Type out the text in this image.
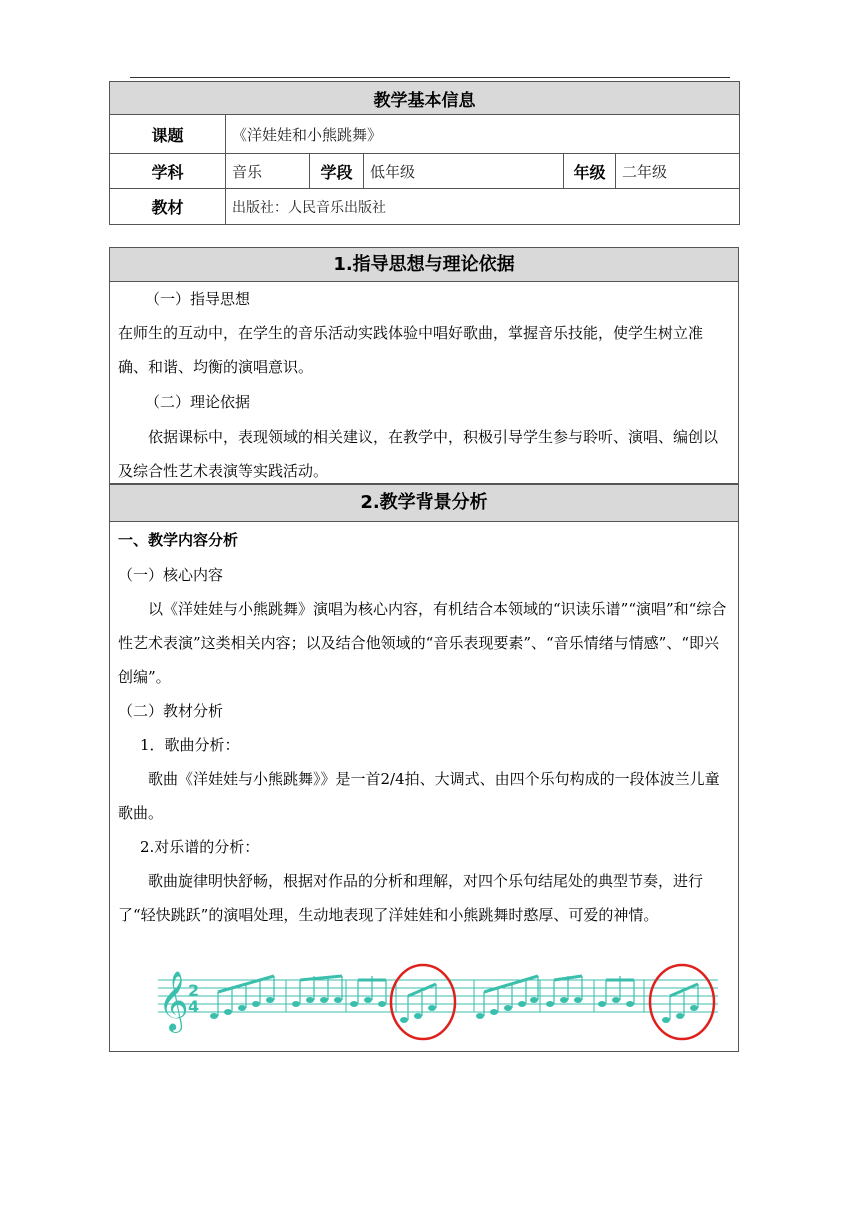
教学基本信息					
课题	《洋娃娃和小熊跳舞》				
学科	音乐	学段	低年级	年级	二年级
教材	出版社：人民音乐出版社				
1.指导思想与理论依据
（一）指导思想
在师生的互动中，在学生的音乐活动实践体验中唱好歌曲，掌握音乐技能，使学生树立准确、和谐、均衡的演唱意识。
（二）理论依据
依据课标中，表现领域的相关建议，在教学中，积极引导学生参与聆听、演唱、编创以及综合性艺术表演等实践活动。
2.教学背景分析
一、教学内容分析
（一）核心内容
以《洋娃娃与小熊跳舞》演唱为核心内容，有机结合本领域的“识读乐谱”“演唱”和“综合性艺术表演”这类相关内容；以及结合他领域的“音乐表现要素”、“音乐情绪与情感”、“即兴创编”。
（二）教材分析
1．歌曲分析：
歌曲《洋娃娃与小熊跳舞》》是一首2/4拍、大调式、由四个乐句构成的一段体波兰儿童歌曲。
2.对乐谱的分析：
歌曲旋律明快舒畅，根据对作品的分析和理解，对四个乐句结尾处的典型节奏，进行了“轻快跳跃”的演唱处理，生动地表现了洋娃娃和小熊跳舞时憨厚、可爱的神情。
𝄞 2 4
